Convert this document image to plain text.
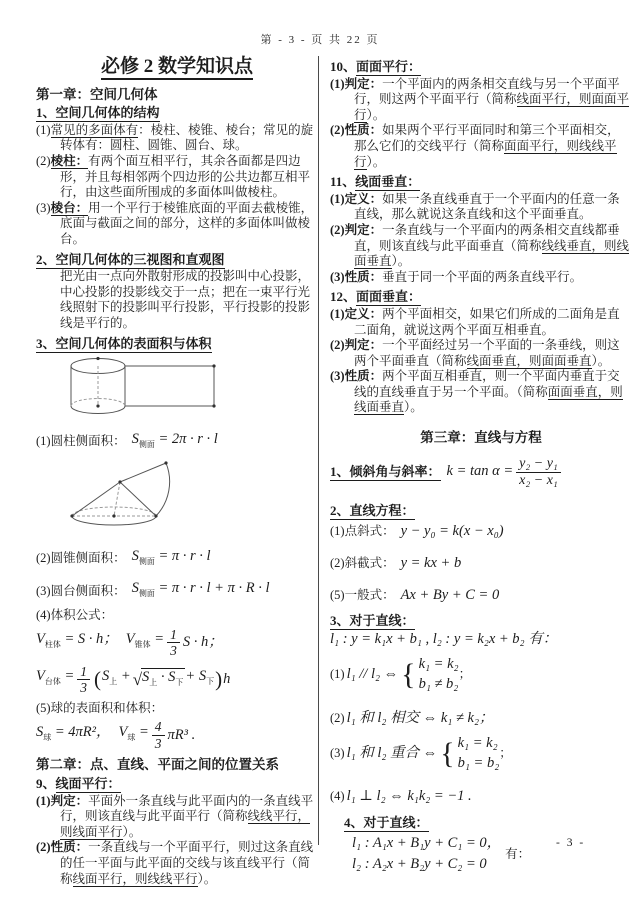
第 - 3 - 页 共 22 页
必修 2 数学知识点
第一章：空间几何体
1、空间几何体的结构

(1)常见的多面体有：棱柱、棱锥、棱台；常见的旋转体有：圆柱、圆锥、圆台、球。

(2)棱柱：有两个面互相平行，其余各面都是四边形，并且每相邻两个四边形的公共边都互相平行，由这些面所围成的多面体叫做棱柱。

(3)棱台：用一个平行于棱锥底面的平面去截棱锥，底面与截面之间的部分，这样的多面体叫做棱台。

2、空间几何体的三视图和直观图

把光由一点向外散射形成的投影叫中心投影，中心投影的投影线交于一点；把在一束平行光线照射下的投影叫平行投影，平行投影的投影线是平行的。

3、空间几何体的表面积与体积
(1)圆柱侧面积： $S_{侧面} = 2\pi \cdot r \cdot l$
(2)圆锥侧面积： $S_{侧面} = \pi \cdot r \cdot l$
(3)圆台侧面积： $S_{侧面} = \pi \cdot r \cdot l + \pi \cdot R \cdot l$
(4)体积公式：
$V_{柱体} = S \cdot h$； $V_{锥体} = \frac{1}{3}$ S · h；
$V_{台体} = \frac{1}{3}$ ( $S_上$ + √ $S_上 \cdot S_下 + S_下$ ) h
(5)球的表面积和体积：
$S_球 = 4\pi R^2$， $V_球 = \frac{4}{3} \pi R^3$ .
第二章：点、直线、平面之间的位置关系
9、线面平行：

(1)判定：平面外一条直线与此平面内的一条直线平行，则该直线与此平面平行（简称线线平行，则线面平行）。

(2)性质：一条直线与一个平面平行，则过这条直线的任一平面与此平面的交线与该直线平行（简称线面平行，则线线平行）。

10、面面平行：

(1)判定：一个平面内的两条相交直线与另一个平面平行，则这两个平面平行（简称线面平行，则面面平行）。

(2)性质：如果两个平行平面同时和第三个平面相交，那么它们的交线平行（简称面面平行，则线线平行）。

11、线面垂直：

(1)定义：如果一条直线垂直于一个平面内的任意一条直线，那么就说这条直线和这个平面垂直。

(2)判定：一条直线与一个平面内的两条相交直线都垂直，则该直线与此平面垂直（简称线线垂直，则线面垂直）。

(3)性质：垂直于同一个平面的两条直线平行。

12、面面垂直：

(1)定义：两个平面相交，如果它们所成的二面角是直二面角，就说这两个平面互相垂直。

(2)判定：一个平面经过另一个平面的一条垂线，则这两个平面垂直（简称线面垂直，则面面垂直）。

(3)性质：两个平面互相垂直，则一个平面内垂直于交线的直线垂直于另一个平面。（简称面面垂直，则线面垂直）。

第三章：直线与方程
1、倾斜角与斜率： $k = \tan \alpha = \frac{\text{y₂ − y₁}}{\text{x₂ − x₁}}$
2、直线方程：
(1)点斜式： y − y₀ = k(x − x₀)
(2)斜截式： y = kx + b
(5)一般式： Ax + By + C = 0
3、对于直线：
l₁ : y = k₁x + b₁ , l₂ : y = k₂x + b₂ 有：
(1) l₁ // l₂ ⇔ { k₁ = k₂
b₁ ≠ b₂
；
(2) l₁ 和 l₂ 相交 ⇔ k₁ ≠ k₂；
(3) l₁ 和 l₂ 重合 ⇔ { k₁ = k₂
b₁ = b₂
；
(4) l₁ ⊥ l₂ ⇔ k₁k₂ = −1 .
4、对于直线：
l₁ : A₁x + B₁y + C₁ = 0，
l₂ : A₂x + B₂y + C₂ = 0
有：
- 3 -
